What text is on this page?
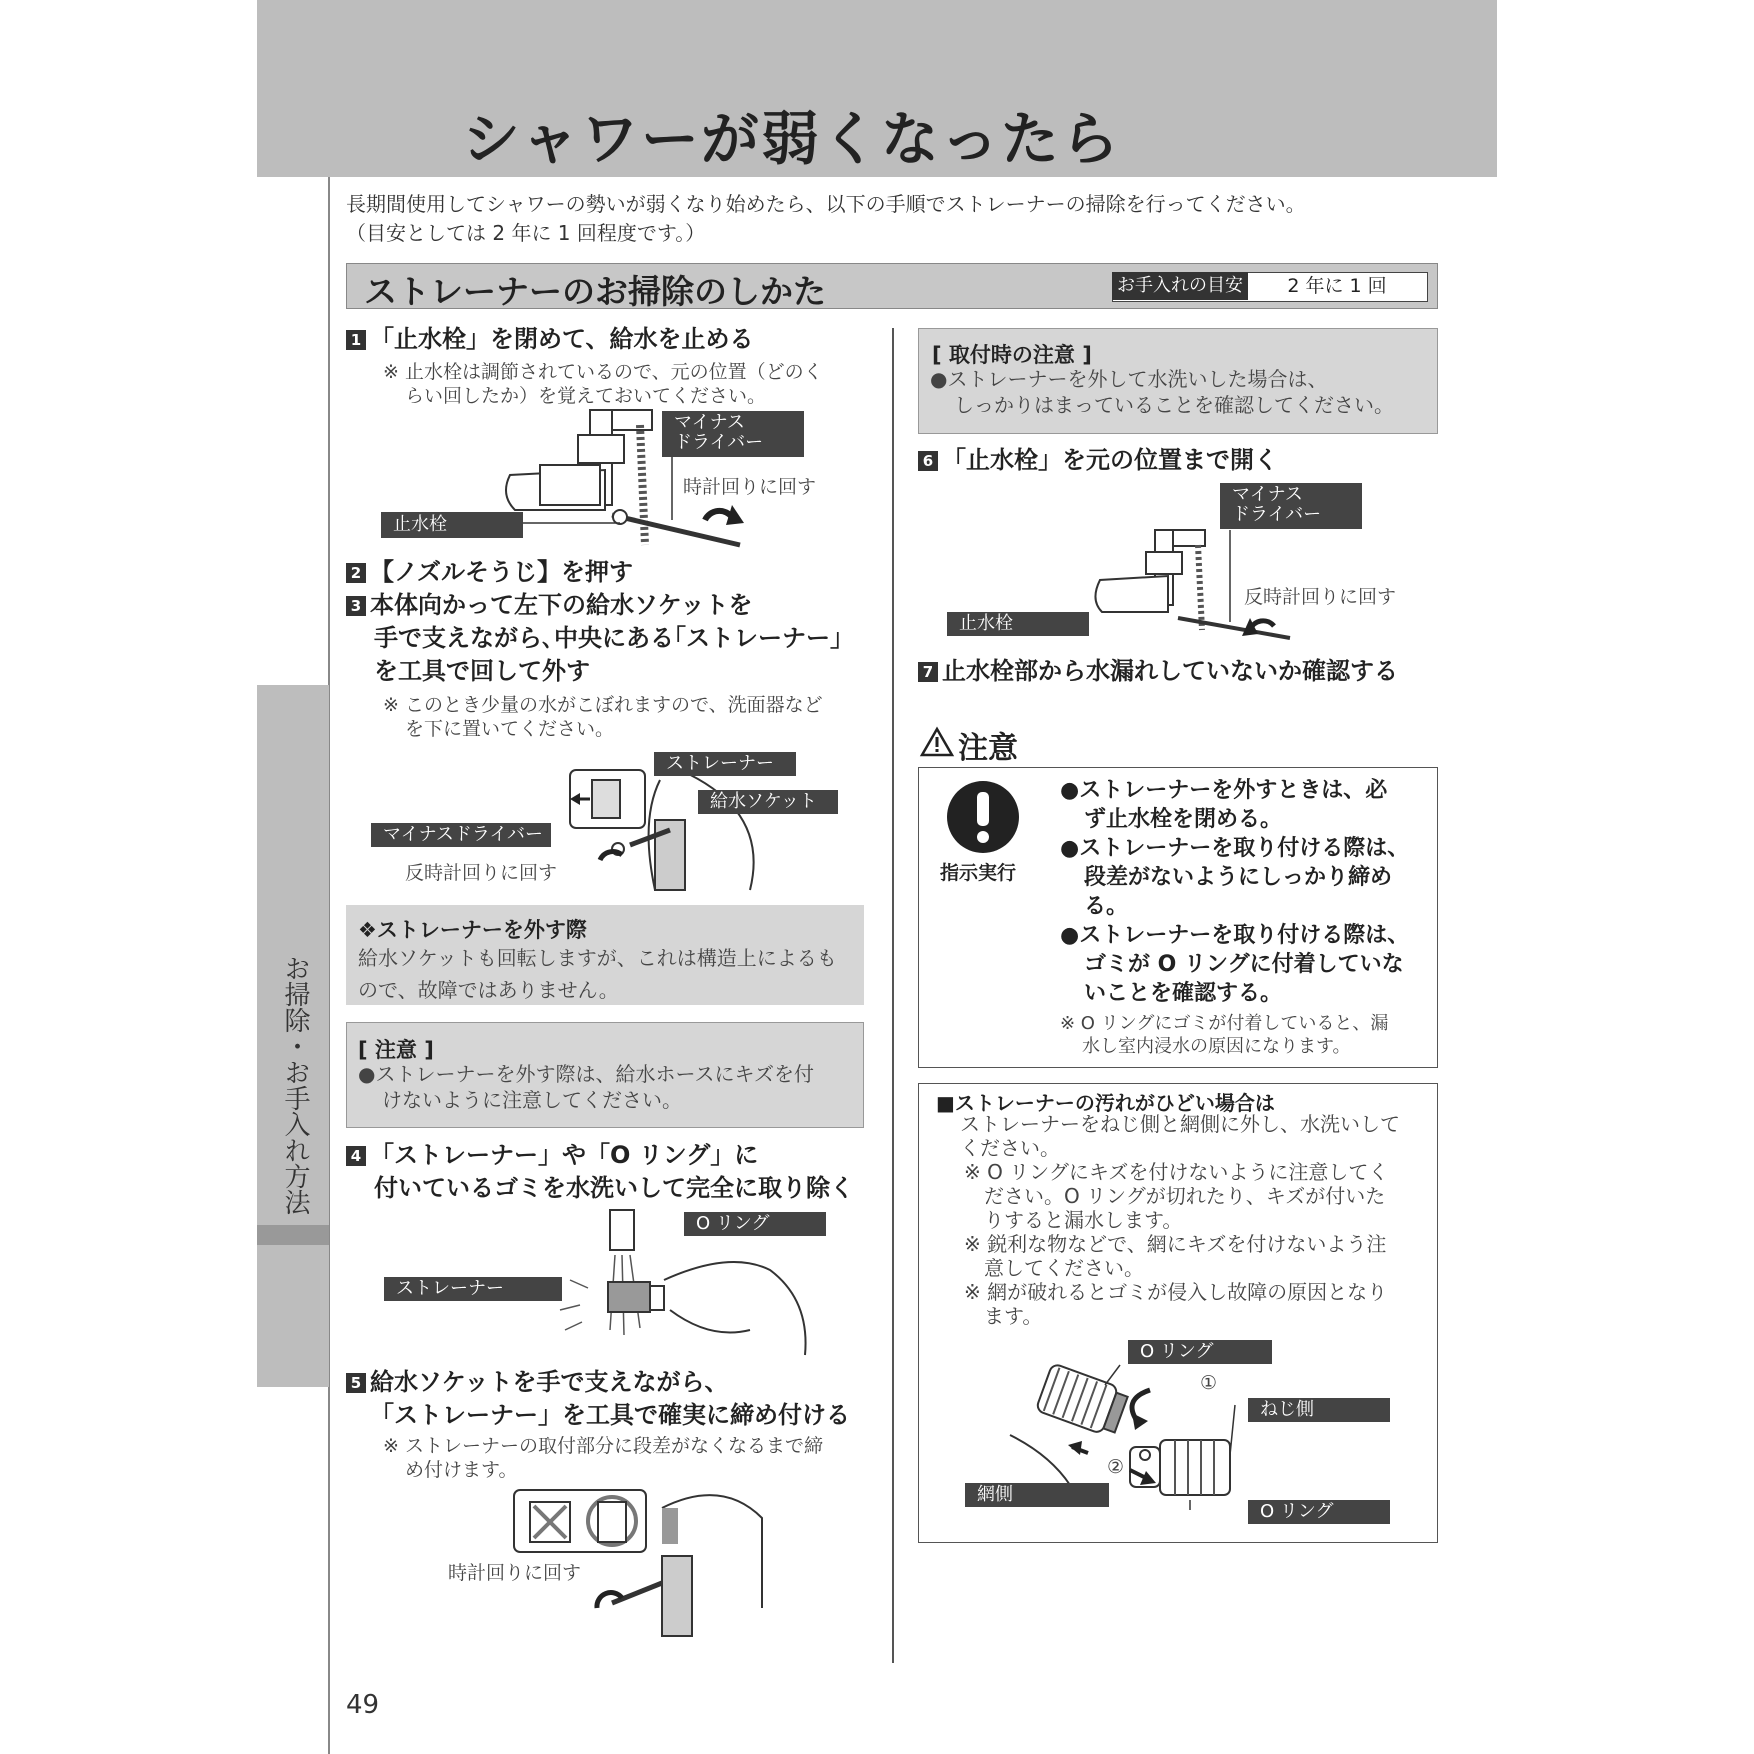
シャワーが弱くなったら
お掃除・お手入れ方法
長期間使用してシャワーの勢いが弱くなり始めたら、以下の手順でストレーナーの掃除を行ってください。
（目安としては 2 年に 1 回程度です。）
ストレーナーのお掃除のしかた	お手入れの目安	2 年に 1 回
1 「止水栓」を閉めて、給水を止める
※ 止水栓は調節されているので、元の位置（どのく
らい回したか）を覚えておいてください。
マイナス
ドライバー
時計回りに回す
止水栓
2 【ノズルそうじ】を押す
3 本体向かって左下の給水ソケットを
手で支えながら､中央にある｢ストレーナー｣
を工具で回して外す
※ このとき少量の水がこぼれますので、洗面器など
を下に置いてください。
ストレーナー
給水ソケット
マイナスドライバー
反時計回りに回す
❖ストレーナーを外す際
給水ソケットも回転しますが、これは構造上によるも
ので、故障ではありません。
[ 注意 ]
●ストレーナーを外す際は、給水ホースにキズを付
けないように注意してください。
4 「ストレーナー」や「O リング」に
付いているゴミを水洗いして完全に取り除く
O リング
ストレーナー
5 給水ソケットを手で支えながら、
「ストレーナー」を工具で確実に締め付ける
※ ストレーナーの取付部分に段差がなくなるまで締
め付けます。
時計回りに回す
[ 取付時の注意 ]
●ストレーナーを外して水洗いした場合は、
しっかりはまっていることを確認してください。
6 「止水栓」を元の位置まで開く
マイナス
ドライバー
反時計回りに回す
止水栓
7 止水栓部から水漏れしていないか確認する
注意
指示実行
●ストレーナーを外すときは、必
ず止水栓を閉める。
●ストレーナーを取り付ける際は、
段差がないようにしっかり締め
る。
●ストレーナーを取り付ける際は、
ゴミが O リングに付着していな
いことを確認する。
※ O リングにゴミが付着していると、漏
水し室内浸水の原因になります。
■ストレーナーの汚れがひどい場合は
ストレーナーをねじ側と網側に外し、水洗いして
ください。
※ O リングにキズを付けないように注意してく
ださい。O リングが切れたり、キズが付いた
りすると漏水します。
※ 鋭利な物などで、網にキズを付けないよう注
意してください。
※ 網が破れるとゴミが侵入し故障の原因となり
ます。
O リング
①
ねじ側
②
網側
O リング
49
